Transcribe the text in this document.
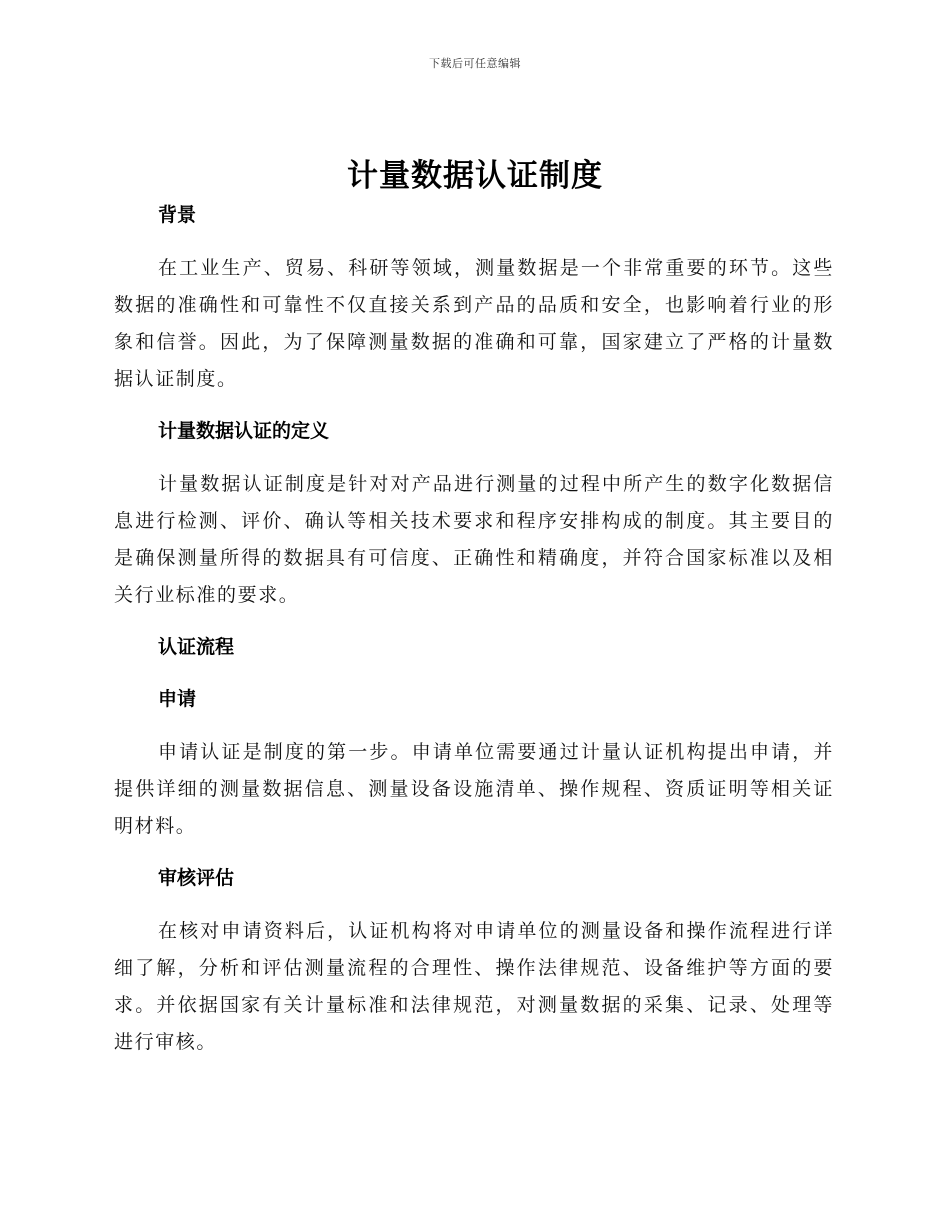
下载后可任意编辑
计量数据认证制度
背景

在工业生产、贸易、科研等领域，测量数据是一个非常重要的环节。这些数据的准确性和可靠性不仅直接关系到产品的品质和安全，也影响着行业的形象和信誉。因此，为了保障测量数据的准确和可靠，国家建立了严格的计量数据认证制度。

计量数据认证的定义

计量数据认证制度是针对对产品进行测量的过程中所产生的数字化数据信息进行检测、评价、确认等相关技术要求和程序安排构成的制度。其主要目的是确保测量所得的数据具有可信度、正确性和精确度，并符合国家标准以及相关行业标准的要求。

认证流程
申请

申请认证是制度的第一步。申请单位需要通过计量认证机构提出申请，并提供详细的测量数据信息、测量设备设施清单、操作规程、资质证明等相关证明材料。

审核评估

在核对申请资料后，认证机构将对申请单位的测量设备和操作流程进行详细了解，分析和评估测量流程的合理性、操作法律规范、设备维护等方面的要求。并依据国家有关计量标准和法律规范，对测量数据的采集、记录、处理等进行审核。
